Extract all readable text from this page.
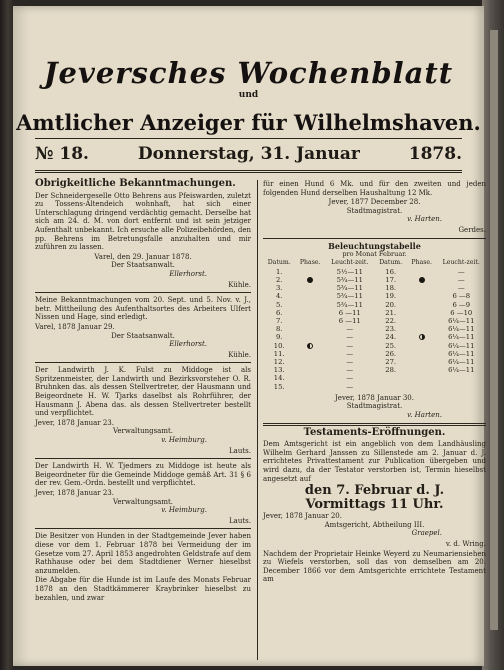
Jeversches Wochenblatt
und
Amtlicher Anzeiger für Wilhelmshaven.
№ 18.	Donnerstag, 31. Januar	1878.
Obrigkeitliche Bekanntmachungen.

Der Schneidergeselle Otto Behrens aus Pfeiswarden, zuletzt zu Tossens-Altendeich wohnhaft, hat sich einer Unterschlagung dringend verdächtig gemacht. Derselbe hat sich am 24. d. M. von dort entfernt und ist sein jetziger Aufenthalt unbekannt. Ich ersuche alle Polizeibehörden, den pp. Behrens im Betretungsfalle anzuhalten und mir zuführen zu lassen.

Varel, den 29. Januar 1878.
Der Staatsanwalt.
Ellerhorst.
Kühle.

Meine Bekanntmachungen vom 20. Sept. und 5. Nov. v. J., betr. Mittheilung des Aufenthaltsortes des Arbeiters Ulfert Nissen und Hage, sind erledigt.

Varel, 1878 Januar 29.
Der Staatsanwalt.
Ellerhorst.
Kühle.

Der Landwirth J. K. Fulst zu Middoge ist als Spritzenmeister, der Landwirth und Bezirksvorsteher O. R. Bruhnken das. als dessen Stellvertreter, der Hausmann und Beigeordnete H. W. Tjarks daselbst als Rohrführer, der Hausmann J. Abena das. als dessen Stellvertreter bestellt und verpflichtet.

Jever, 1878 Januar 23.
Verwaltungsamt.
v. Heimburg.
Lauts.

Der Landwirth H. W. Tjedmers zu Middoge ist heute als Beigeordneter für die Gemeinde Middoge gemäß Art. 31 § 6 der rev. Gem.-Ordn. bestellt und verpflichtet.

Jever, 1878 Januar 23.
Verwaltungsamt.
v. Heimburg.
Lauts.

Die Besitzer von Hunden in der Stadtgemeinde Jever haben diese vor dem 1. Februar 1878 bei Vermeidung der im Gesetze vom 27. April 1853 angedrohten Geldstrafe auf dem Rathhause oder bei dem Stadtdiener Werner hieselbst anzumelden.

Die Abgabe für die Hunde ist im Laufe des Monats Februar 1878 an den Stadtkämmerer Kraybrinker hieselbst zu bezahlen, und zwar

für einen Hund 6 Mk. und für den zweiten und jeden folgenden Hund derselben Haushaltung 12 Mk.

Jever, 1877 December 28.
Stadtmagistrat.
v. Harten.
Gerdes.
Beleuchtungstabelle
pro Monat Februar.
Datum.	Phase.	Leucht-zeit.	Datum.	Phase.	Leucht-zeit.
1.		5½—11	16.		—
2.		5¾—11	17.		—
3.		5¾—11	18.		—
4.		5¾—11	19.		6 —8
5.		5¾—11	20.		6 —9
6.		6 —11	21.		6 —10
7.		6 —11	22.		6¼—11
8.		—	23.		6¼—11
9.		—	24.		6¼—11
10.		—	25.		6¼—11
11.		—	26.		6¼—11
12.		—	27.		6¼—11
13.		—	28.		6¼—11
14.		—			
15.		—			
Jever, 1878 Januar 30.
Stadtmagistrat.
v. Harten.
Testaments-Eröffnungen.

Dem Amtsgericht ist ein angeblich von dem Landhäusling Wilhelm Gerhard Janssen zu Sillenstede am 2. Januar d. J. errichtetes Privattestament zur Publication übergeben und wird dazu, da der Testator verstorben ist, Termin hieselbst angesetzt auf

den 7. Februar d. J.
Vormittags 11 Uhr.
Jever, 1878 Januar 20.
Amtsgericht, Abtheilung III.
Graepel.
v. d. Wring.

Nachdem der Proprietair Heinke Weyerd zu Neumariensiehen zu Wiefels verstorben, soll das von demselben am 20. December 1866 vor dem Amtsgerichte errichtete Testament am
